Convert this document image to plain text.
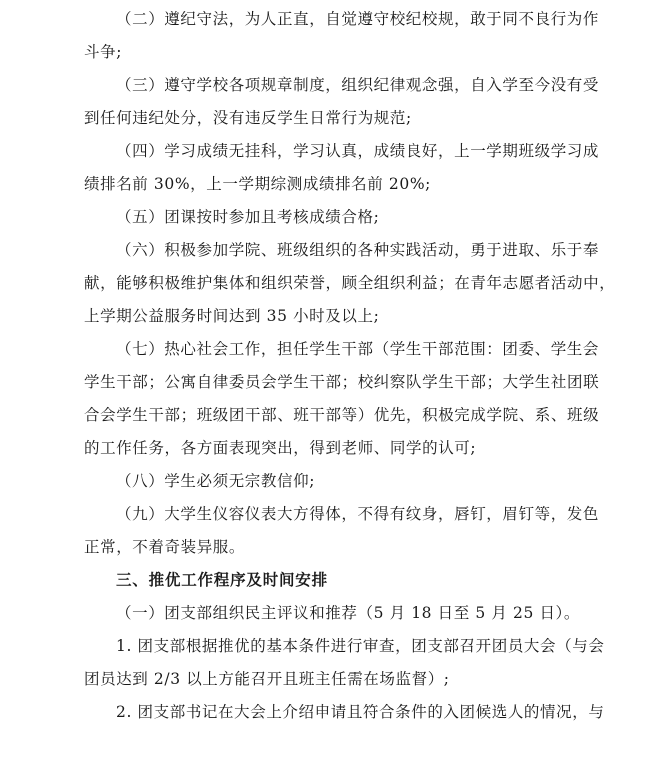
（二）遵纪守法，为人正直，自觉遵守校纪校规，敢于同不良行为作
斗争;
（三）遵守学校各项规章制度，组织纪律观念强，自入学至今没有受
到任何违纪处分，没有违反学生日常行为规范;
（四）学习成绩无挂科，学习认真，成绩良好，上一学期班级学习成
绩排名前 30%，上一学期综测成绩排名前 20%;
（五）团课按时参加且考核成绩合格;
（六）积极参加学院、班级组织的各种实践活动，勇于进取、乐于奉
献，能够积极维护集体和组织荣誉，顾全组织利益；在青年志愿者活动中，
上学期公益服务时间达到 35 小时及以上;
（七）热心社会工作，担任学生干部（学生干部范围：团委、学生会
学生干部；公寓自律委员会学生干部；校纠察队学生干部；大学生社团联
合会学生干部；班级团干部、班干部等）优先，积极完成学院、系、班级
的工作任务，各方面表现突出，得到老师、同学的认可;
（八）学生必须无宗教信仰;
（九）大学生仪容仪表大方得体，不得有纹身，唇钉，眉钉等，发色
正常，不着奇装异服。
三、推优工作程序及时间安排
（一）团支部组织民主评议和推荐（5 月 18 日至 5 月 25 日）。
1. 团支部根据推优的基本条件进行审查，团支部召开团员大会（与会
团员达到 2/3 以上方能召开且班主任需在场监督）;
2. 团支部书记在大会上介绍申请且符合条件的入团候选人的情况，与
